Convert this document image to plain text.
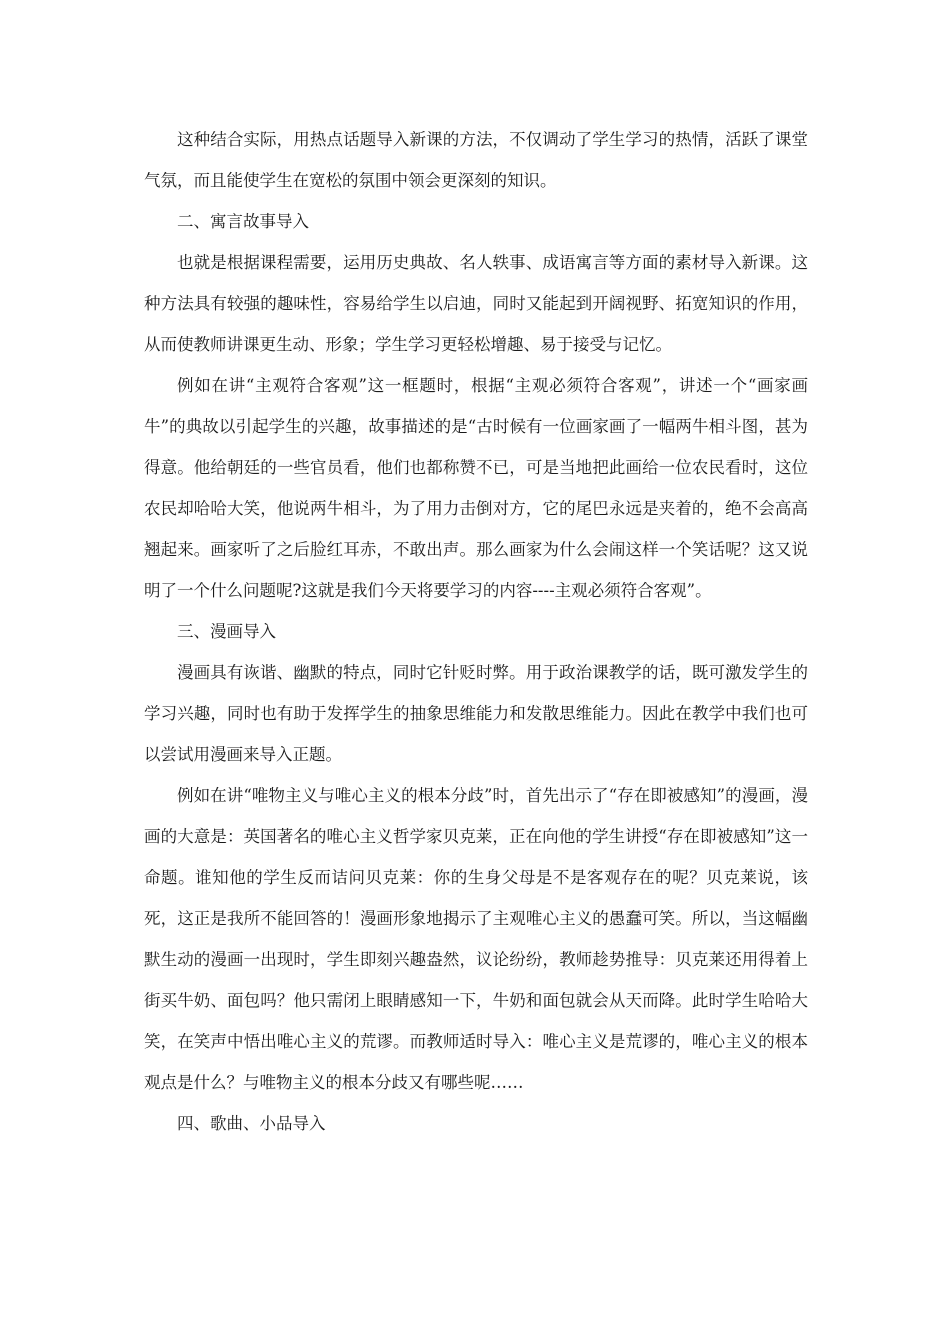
这种结合实际，用热点话题导入新课的方法，不仅调动了学生学习的热情，活跃了课堂气氛，而且能使学生在宽松的氛围中领会更深刻的知识。

二、寓言故事导入

也就是根据课程需要，运用历史典故、名人轶事、成语寓言等方面的素材导入新课。这种方法具有较强的趣味性，容易给学生以启迪，同时又能起到开阔视野、拓宽知识的作用，从而使教师讲课更生动、形象；学生学习更轻松增趣、易于接受与记忆。

例如在讲“主观符合客观”这一框题时，根据“主观必须符合客观”，讲述一个“画家画牛”的典故以引起学生的兴趣，故事描述的是“古时候有一位画家画了一幅两牛相斗图，甚为得意。他给朝廷的一些官员看，他们也都称赞不已，可是当地把此画给一位农民看时，这位农民却哈哈大笑，他说两牛相斗，为了用力击倒对方，它的尾巴永远是夹着的，绝不会高高翘起来。画家听了之后脸红耳赤，不敢出声。那么画家为什么会闹这样一个笑话呢？这又说明了一个什么问题呢?这就是我们今天将要学习的内容----主观必须符合客观”。

三、漫画导入

漫画具有诙谐、幽默的特点，同时它针贬时弊。用于政治课教学的话，既可激发学生的学习兴趣，同时也有助于发挥学生的抽象思维能力和发散思维能力。因此在教学中我们也可以尝试用漫画来导入正题。

例如在讲“唯物主义与唯心主义的根本分歧”时，首先出示了“存在即被感知”的漫画，漫画的大意是：英国著名的唯心主义哲学家贝克莱，正在向他的学生讲授“存在即被感知”这一命题。谁知他的学生反而诘问贝克莱：你的生身父母是不是客观存在的呢？贝克莱说，该死，这正是我所不能回答的！漫画形象地揭示了主观唯心主义的愚蠢可笑。所以，当这幅幽默生动的漫画一出现时，学生即刻兴趣盎然，议论纷纷，教师趁势推导：贝克莱还用得着上街买牛奶、面包吗？他只需闭上眼睛感知一下，牛奶和面包就会从天而降。此时学生哈哈大笑，在笑声中悟出唯心主义的荒谬。而教师适时导入：唯心主义是荒谬的，唯心主义的根本观点是什么？与唯物主义的根本分歧又有哪些呢……

四、歌曲、小品导入
